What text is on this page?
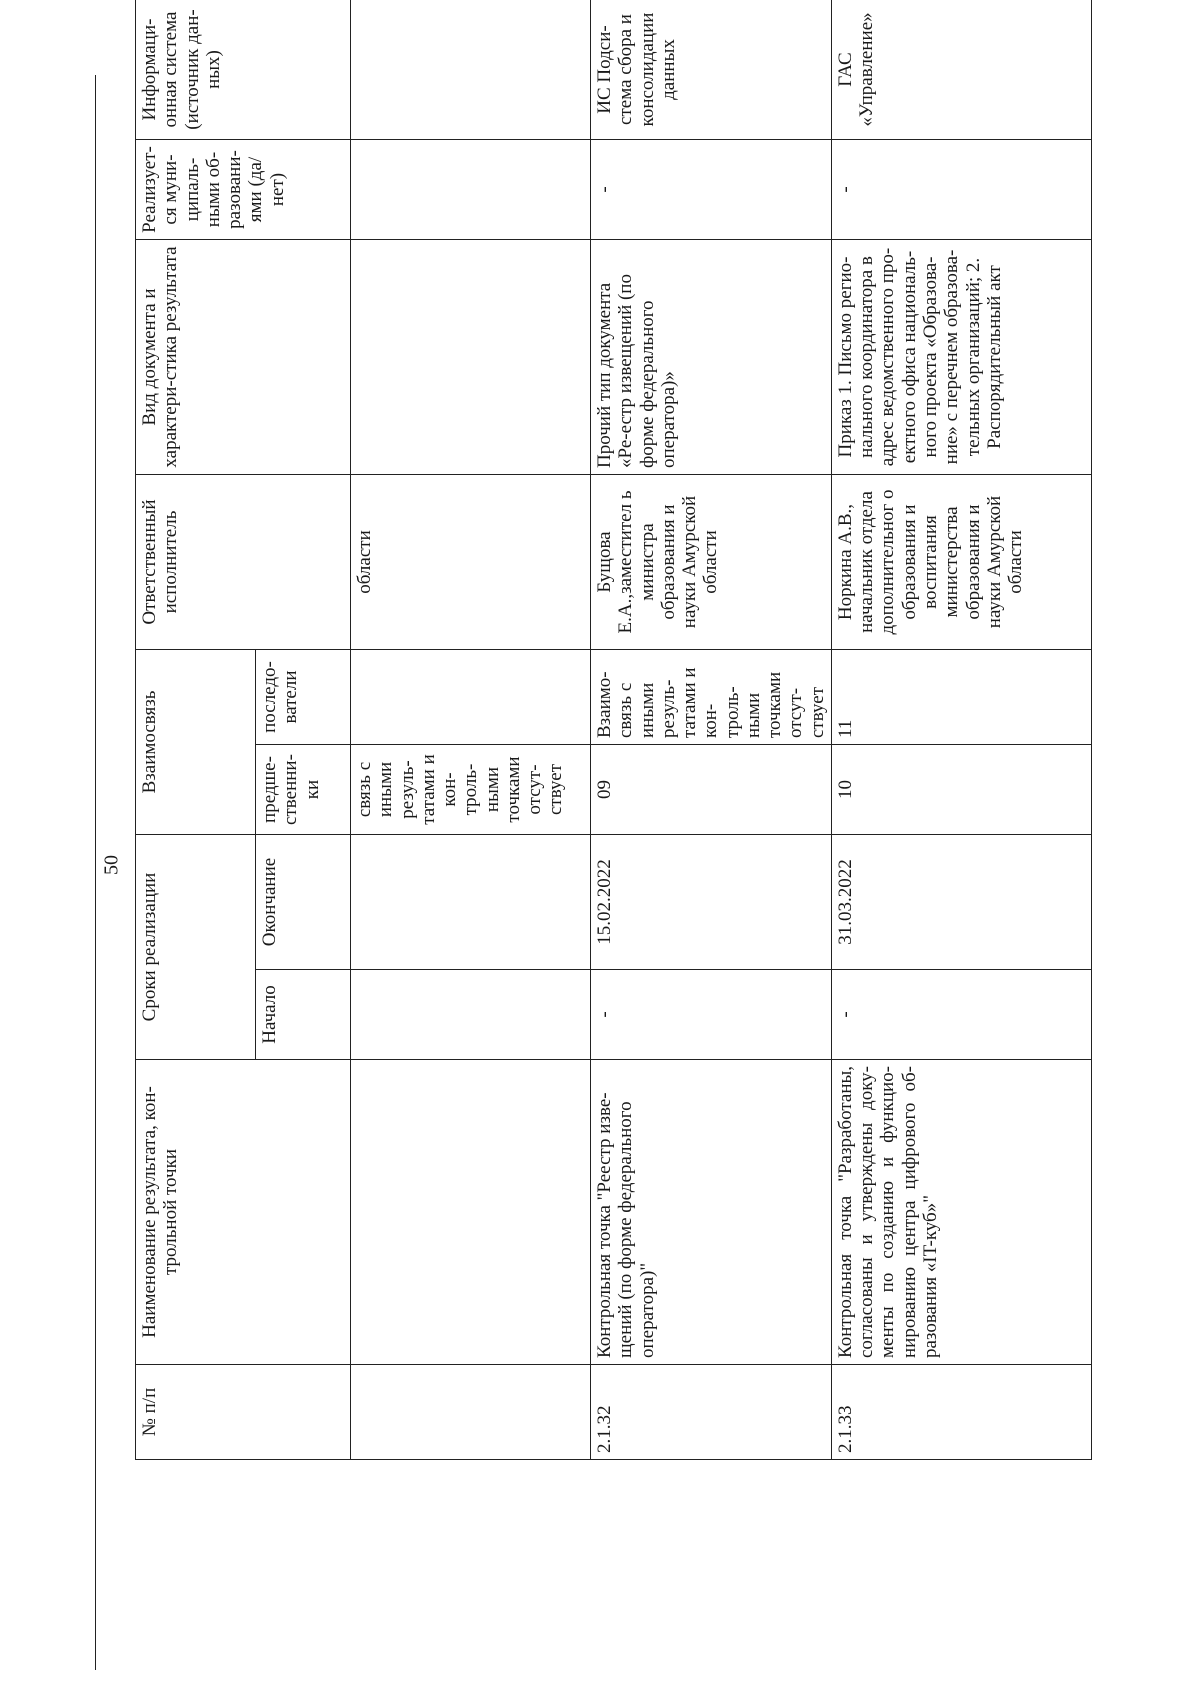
50
№ п/п	Наименование результата, кон-трольной точки	Сроки реализации		Взаимосвязь		Ответственный исполнитель	Вид документа и характери-стика результата	Реализует-ся муни-ципаль-ными об-разовани-ями (да/нет)	Информаци-онная система (источник дан-ных)
		Начало	Окончание	предше-ственни-ки	последо-ватели				
				связь с иными резуль-татами и кон-троль-ными точками отсут-ствует		области			
2.1.32	Контрольная точка "Реестр изве-щений (по форме федерального оператора)"	-	15.02.2022	09	Взаимо-связь с иными резуль-татами и кон-троль-ными точками отсут-ствует	Бущова Е.А.,заместител ь министра образования и науки Амурской области	Прочий тип документа «Ре-естр извещений (по форме федерального оператора)»	-	ИС Подси-стема сбора и консолидации данных
2.1.33	Контрольная точка "Разработаны, согласованы и утверждены доку-менты по созданию и функцио-нированию центра цифрового об-разования «IT-куб»"	-	31.03.2022	10	11	Норкина А.В., начальник отдела дополнительног о образования и воспитания министерства образования и науки Амурской области	Приказ 1. Письмо регио-нального координатора в адрес ведомственного про-ектного офиса националь-ного проекта «Образова-ние» с перечнем образова-тельных организаций; 2. Распорядительный акт	-	ГАС «Управление»
